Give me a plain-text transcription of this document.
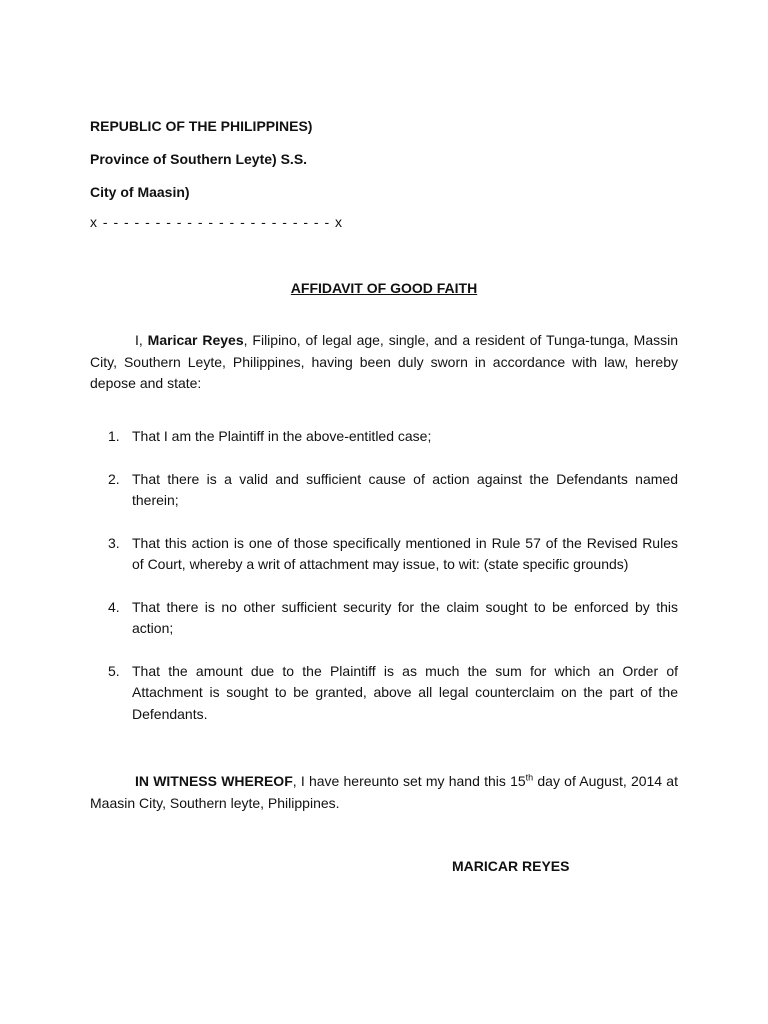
REPUBLIC OF THE PHILIPPINES)
Province of Southern Leyte) S.S.
City of Maasin)
x - - - - - - - - - - - - - - - - - - - - - - x
AFFIDAVIT OF GOOD FAITH

I, Maricar Reyes, Filipino, of legal age, single, and a resident of Tunga-tunga, Massin City, Southern Leyte, Philippines, having been duly sworn in accordance with law, hereby depose and state:

1. That I am the Plaintiff in the above-entitled case;
2. That there is a valid and sufficient cause of action against the Defendants named therein;
3. That this action is one of those specifically mentioned in Rule 57 of the Revised Rules of Court, whereby a writ of attachment may issue, to wit: (state specific grounds)
4. That there is no other sufficient security for the claim sought to be enforced by this action;
5. That the amount due to the Plaintiff is as much the sum for which an Order of Attachment is sought to be granted, above all legal counterclaim on the part of the Defendants.

IN WITNESS WHEREOF, I have hereunto set my hand this 15th day of August, 2014 at Maasin City, Southern leyte, Philippines.

MARICAR REYES
